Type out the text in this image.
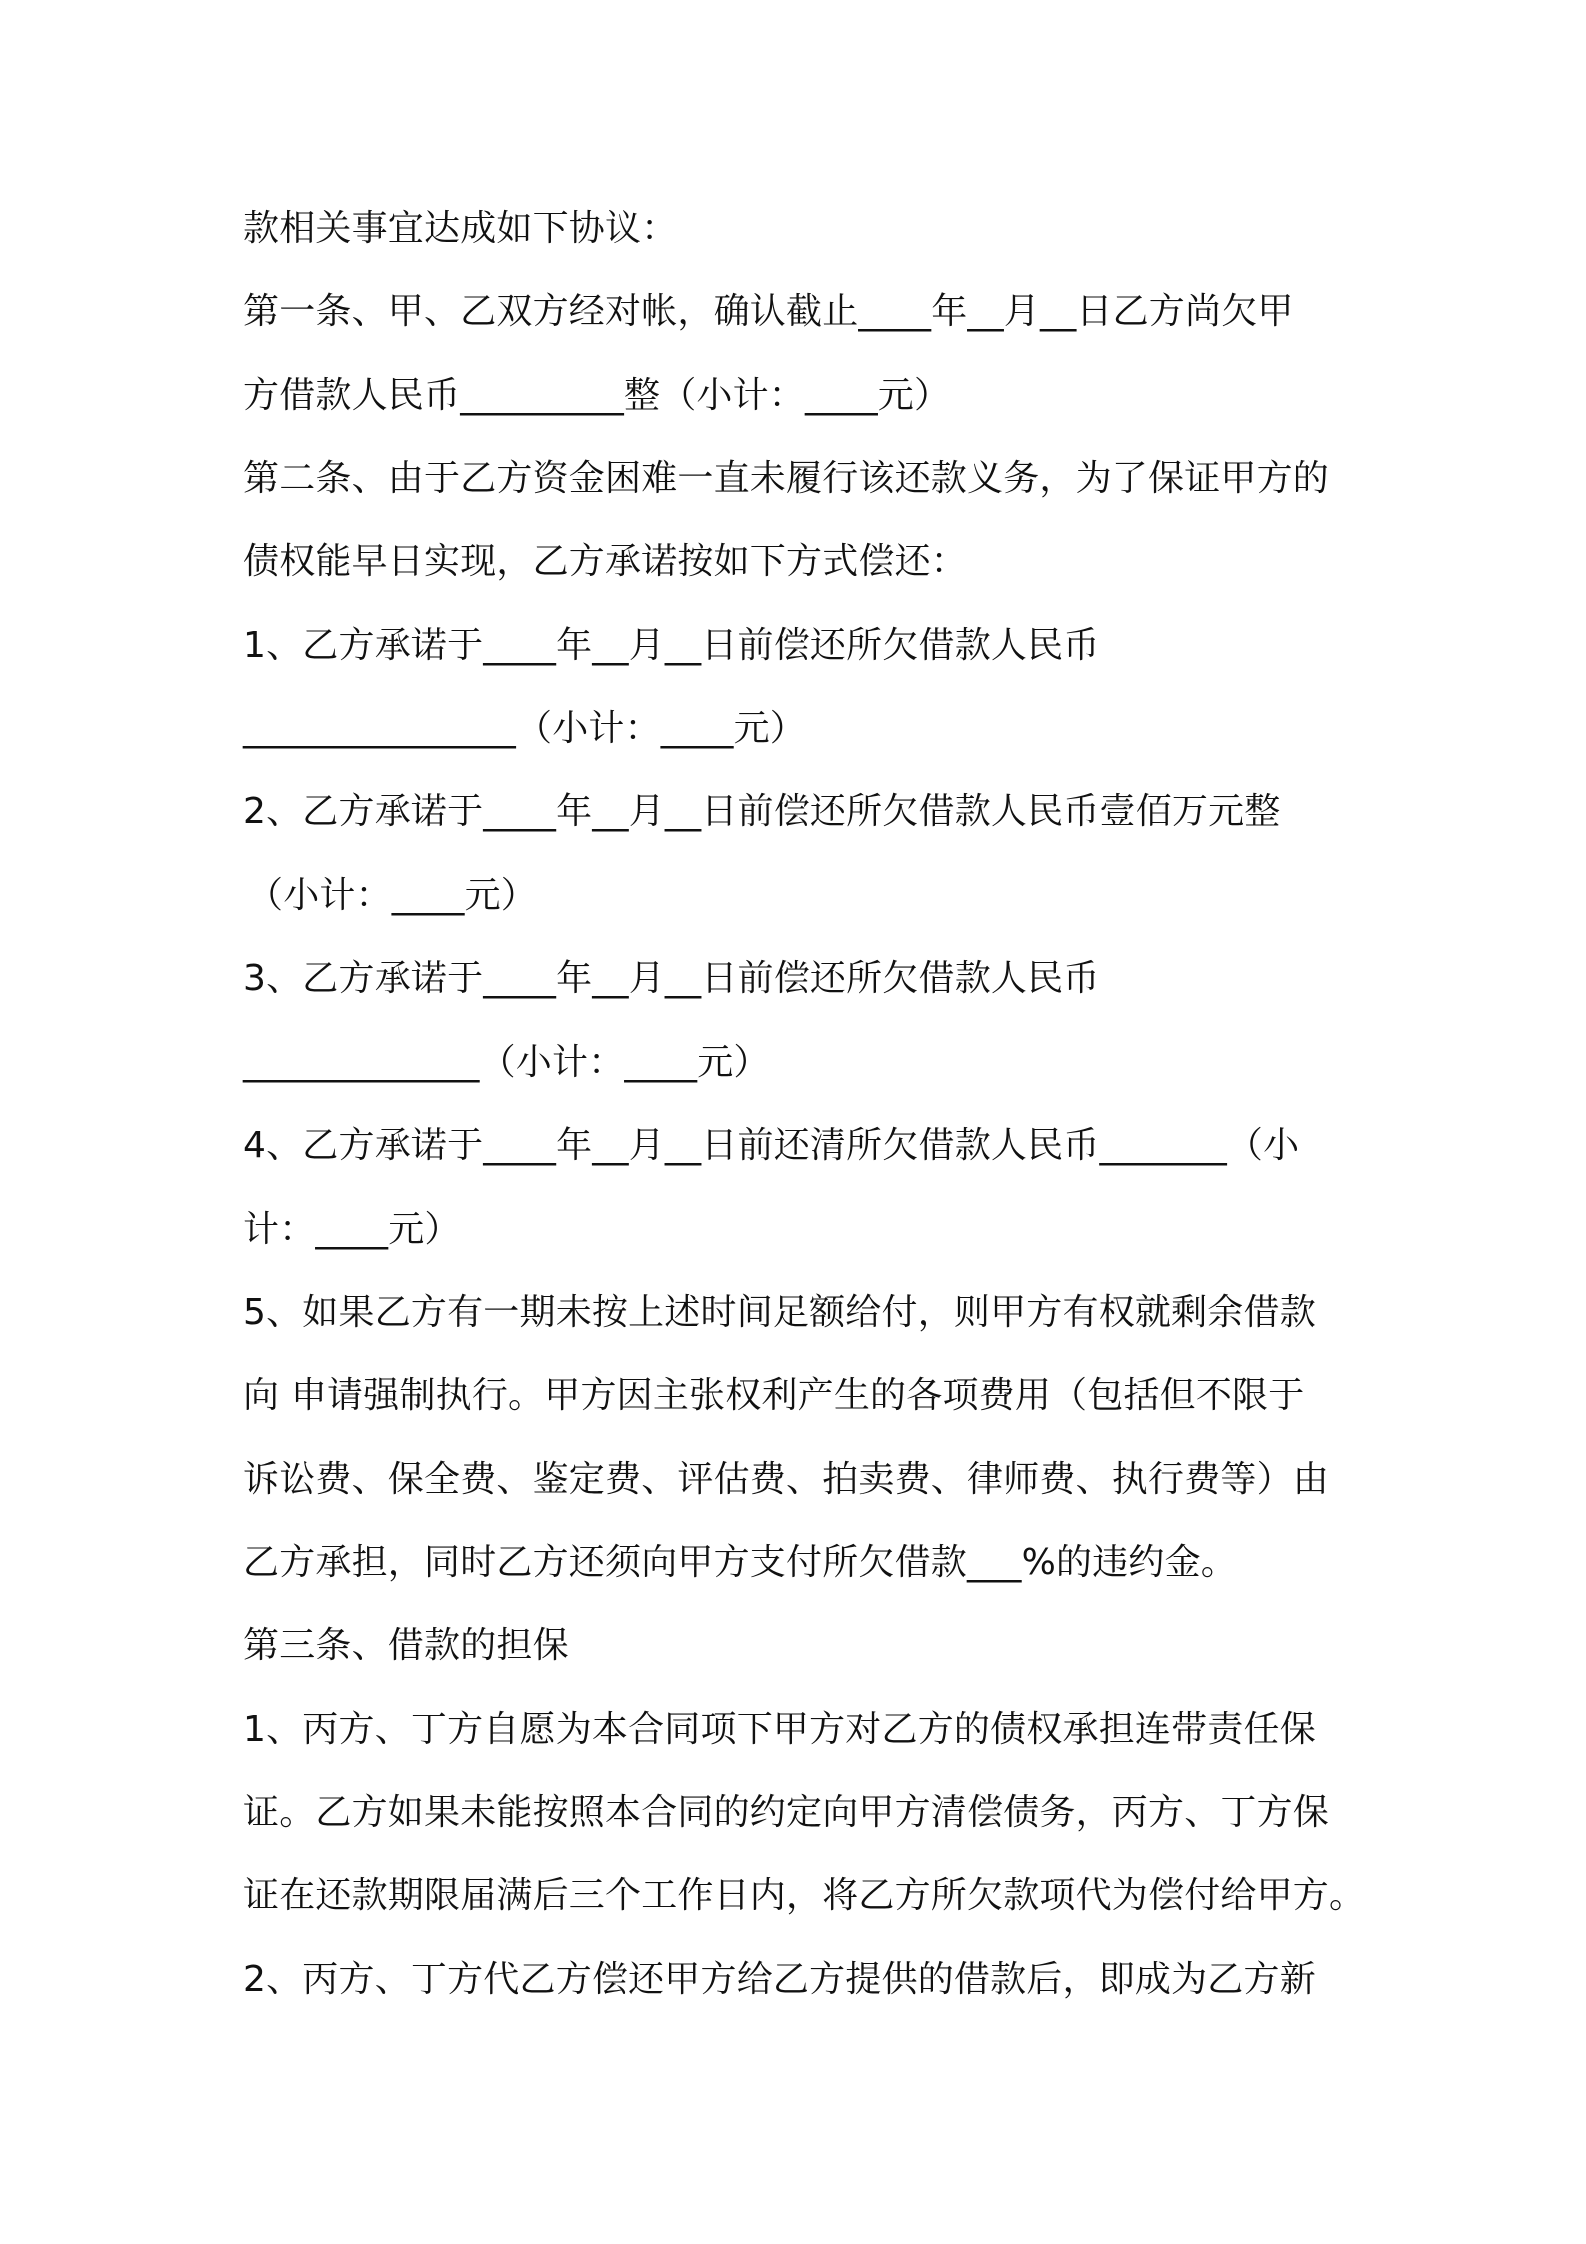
款相关事宜达成如下协议：
第一条、甲、乙双方经对帐，确认截止____年__月__日乙方尚欠甲
方借款人民币_________整（小计：____元）
第二条、由于乙方资金困难一直未履行该还款义务，为了保证甲方的
债权能早日实现，乙方承诺按如下方式偿还：
1、乙方承诺于____年__月__日前偿还所欠借款人民币
_______________（小计：____元）
2、乙方承诺于____年__月__日前偿还所欠借款人民币壹佰万元整
（小计：____元）
3、乙方承诺于____年__月__日前偿还所欠借款人民币
_____________（小计：____元）
4、乙方承诺于____年__月__日前还清所欠借款人民币_______（小
计：____元）
5、如果乙方有一期未按上述时间足额给付，则甲方有权就剩余借款
向 申请强制执行。甲方因主张权利产生的各项费用（包括但不限于
诉讼费、保全费、鉴定费、评估费、拍卖费、律师费、执行费等）由
乙方承担，同时乙方还须向甲方支付所欠借款___%的违约金。
第三条、借款的担保
1、丙方、丁方自愿为本合同项下甲方对乙方的债权承担连带责任保
证。乙方如果未能按照本合同的约定向甲方清偿债务，丙方、丁方保
证在还款期限届满后三个工作日内，将乙方所欠款项代为偿付给甲方。
2、丙方、丁方代乙方偿还甲方给乙方提供的借款后，即成为乙方新
